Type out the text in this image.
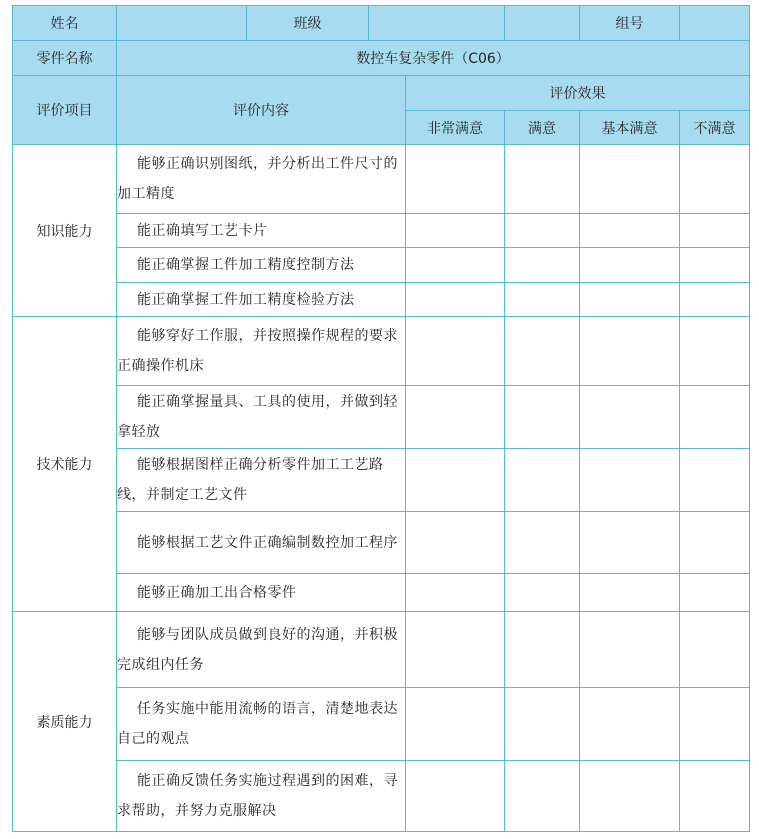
姓名		班级				组号	
零件名称	数控车复杂零件（C06）						
评价项目	评价内容			评价效果			
				非常满意	满意	基本满意	不满意
知识能力	能够正确识别图纸，并分析出工件尺寸的加工精度						

	能正确填写工艺卡片						

	能正确掌握工件加工精度控制方法						

	能正确掌握工件加工精度检验方法						

技术能力	能够穿好工作服，并按照操作规程的要求正确操作机床						

	能正确掌握量具、工具的使用，并做到轻拿轻放						

	能够根据图样正确分析零件加工工艺路线，并制定工艺文件						

	能够根据工艺文件正确编制数控加工程序						

	能够正确加工出合格零件						

素质能力	能够与团队成员做到良好的沟通，并积极完成组内任务						

	任务实施中能用流畅的语言，清楚地表达自己的观点						

	能正确反馈任务实施过程遇到的困难，寻求帮助，并努力克服解决						
